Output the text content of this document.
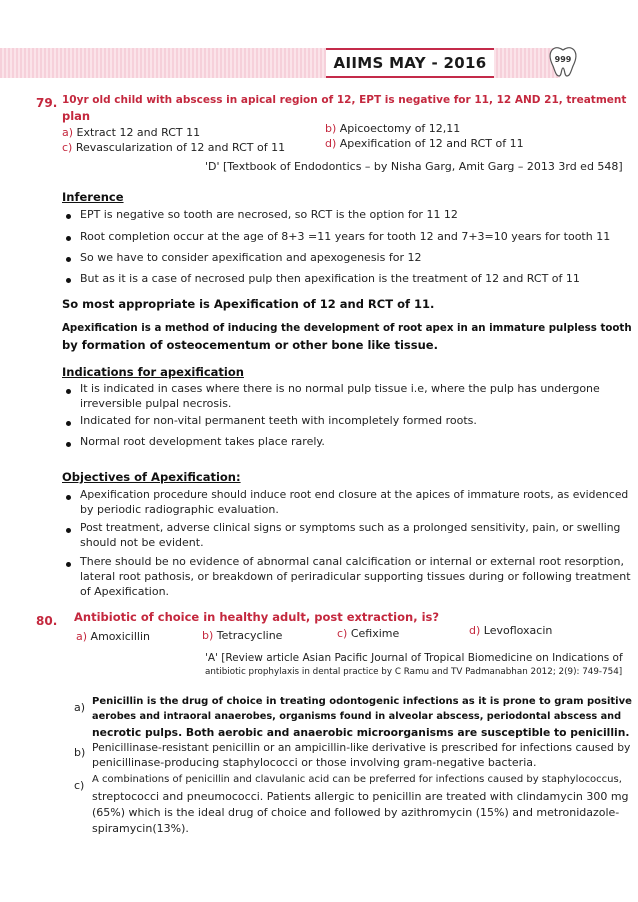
AIIMS MAY - 2016	999
79. 10yr old child with abscess in apical region of 12, EPT is negative for 11, 12 AND 21, treatment
plan
a) Extract 12 and RCT 11	b) Apicoectomy of 12,11
c) Revascularization of 12 and RCT of 11	d) Apexification of 12 and RCT of 11
'D' [Textbook of Endodontics – by Nisha Garg, Amit Garg – 2013 3rd ed 548]
Inference
EPT is negative so tooth are necrosed, so RCT is the option for 11 12
Root completion occur at the age of 8+3 =11 years for tooth 12 and 7+3=10 years for tooth 11
So we have to consider apexification and apexogenesis for 12
But as it is a case of necrosed pulp then apexification is the treatment of 12 and RCT of 11
So most appropriate is Apexification of 12 and RCT of 11.
Apexification is a method of inducing the development of root apex in an immature pulpless tooth
by formation of osteocementum or other bone like tissue.
Indications for apexification
It is indicated in cases where there is no normal pulp tissue i.e, where the pulp has undergone
irreversible pulpal necrosis.
Indicated for non-vital permanent teeth with incompletely formed roots.
Normal root development takes place rarely.
Objectives of Apexification:
Apexification procedure should induce root end closure at the apices of immature roots, as evidenced
by periodic radiographic evaluation.
Post treatment, adverse clinical signs or symptoms such as a prolonged sensitivity, pain, or swelling
should not be evident.
There should be no evidence of abnormal canal calcification or internal or external root resorption,
lateral root pathosis, or breakdown of periradicular supporting tissues during or following treatment
of Apexification.
80. Antibiotic of choice in healthy adult, post extraction, is?
a) Amoxicillin	b) Tetracycline	c) Cefixime	d) Levofloxacin
'A' [Review article Asian Pacific Journal of Tropical Biomedicine on Indications of
antibiotic prophylaxis in dental practice by C Ramu and TV Padmanabhan 2012; 2(9): 749-754]
a) Penicillin is the drug of choice in treating odontogenic infections as it is prone to gram positive
aerobes and intraoral anaerobes, organisms found in alveolar abscess, periodontal abscess and
necrotic pulps. Both aerobic and anaerobic microorganisms are susceptible to penicillin.
b) Penicillinase-resistant penicillin or an ampicillin-like derivative is prescribed for infections caused by
penicillinase-producing staphylococci or those involving gram-negative bacteria.
c) A combinations of penicillin and clavulanic acid can be preferred for infections caused by staphylococcus,
streptococci and pneumococci. Patients allergic to penicillin are treated with clindamycin 300 mg
(65%) which is the ideal drug of choice and followed by azithromycin (15%) and metronidazole-
spiramycin(13%).
